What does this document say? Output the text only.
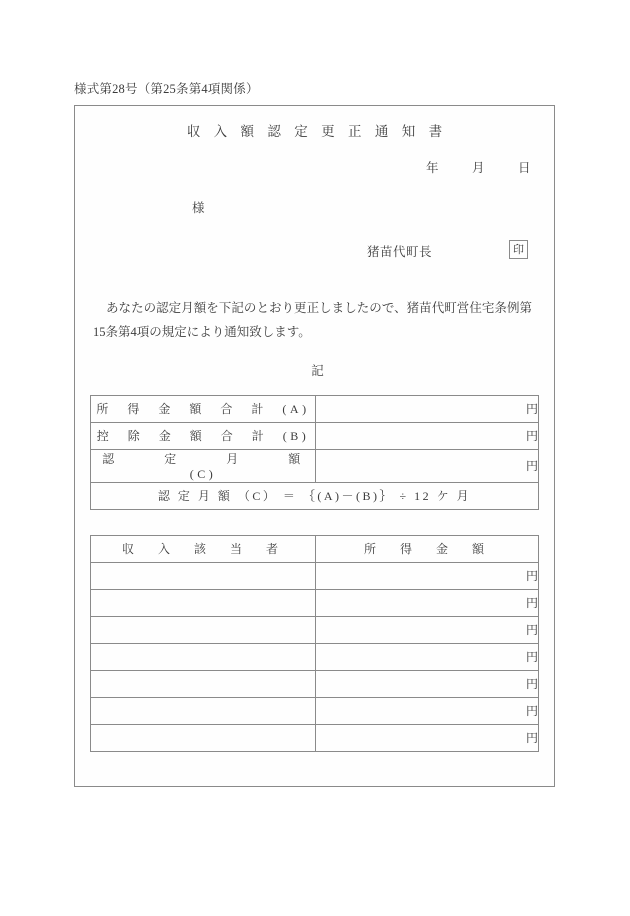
様式第28号（第25条第4項関係）
収 入 額 認 定 更 正 通 知 書
年	月	日
様
猪苗代町長	印
あなたの認定月額を下記のとおり更正しましたので、猪苗代町営住宅条例第15条第4項の規定により通知致します。
記
所　得　金　額　合　計　(A)	円
控　除　金　額　合　計　(B)	円
認　　　定　　　月　　　額　(C)	円
認 定 月 額 （C） ＝ ｛(A)－(B)｝ ÷ 12 ケ 月	
収　入　該　当　者	所　得　金　額
	円
	円
	円
	円
	円
	円
	円
